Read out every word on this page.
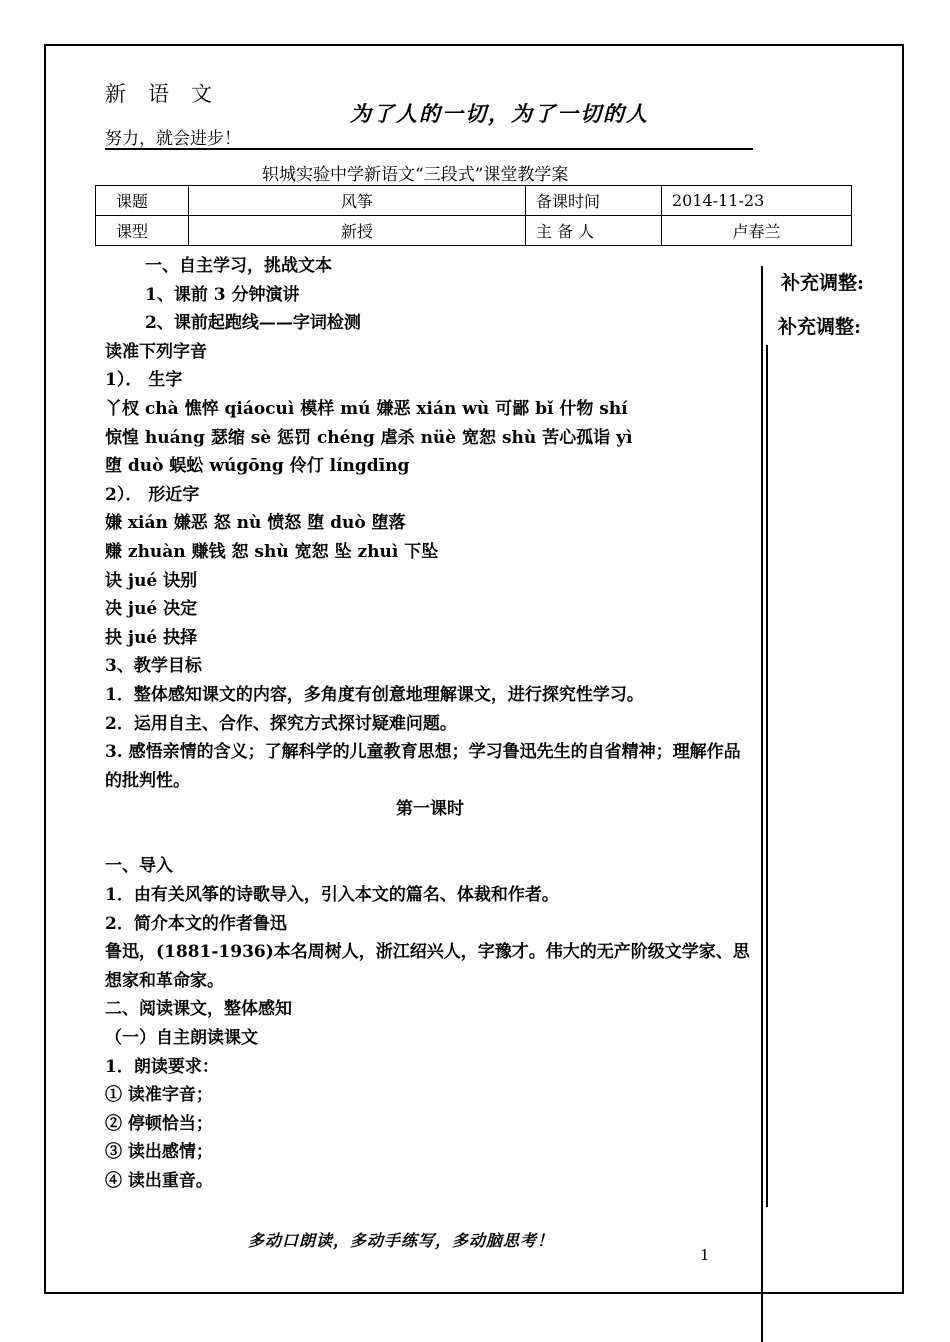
新语文
努力，就会进步！
为了人的一切，为了一切的人
轵城实验中学新语文“三段式”课堂教学案
课题	风筝	备课时间	2014-11-23
课型	新授	主 备 人	卢春兰
补充调整:
补充调整:
一、自主学习，挑战文本
1、课前 3 分钟演讲
2、课前起跑线——字词检测
读准下列字音
1）． 生字
丫杈 chà 憔悴 qiáocuì 模样 mú 嫌恶 xián wù 可鄙 bǐ 什物 shí
惊惶 huáng 瑟缩 sè 惩罚 chéng 虐杀 nüè 宽恕 shù 苦心孤诣 yì
堕 duò 蜈蚣 wúgōng 伶仃 língdīng
2）． 形近字
嫌 xián 嫌恶 怒 nù 愤怒 堕 duò 堕落
赚 zhuàn 赚钱 恕 shù 宽恕 坠 zhuì 下坠
诀 jué 诀别
决 jué 决定
抉 jué 抉择
3、教学目标
1．整体感知课文的内容，多角度有创意地理解课文，进行探究性学习。
2．运用自主、合作、探究方式探讨疑难问题。
3. 感悟亲情的含义；了解科学的儿童教育思想；学习鲁迅先生的自省精神；理解作品的批判性。
第一课时
一、导入
1．由有关风筝的诗歌导入，引入本文的篇名、体裁和作者。
2．简介本文的作者鲁迅
鲁迅，(1881-1936)本名周树人，浙江绍兴人，字豫才。伟大的无产阶级文学家、思想家和革命家。
二、阅读课文，整体感知
（一）自主朗读课文
1．朗读要求：
① 读准字音；
② 停顿恰当；
③ 读出感情；
④ 读出重音。
多动口朗读，多动手练写，多动脑思考！
1
